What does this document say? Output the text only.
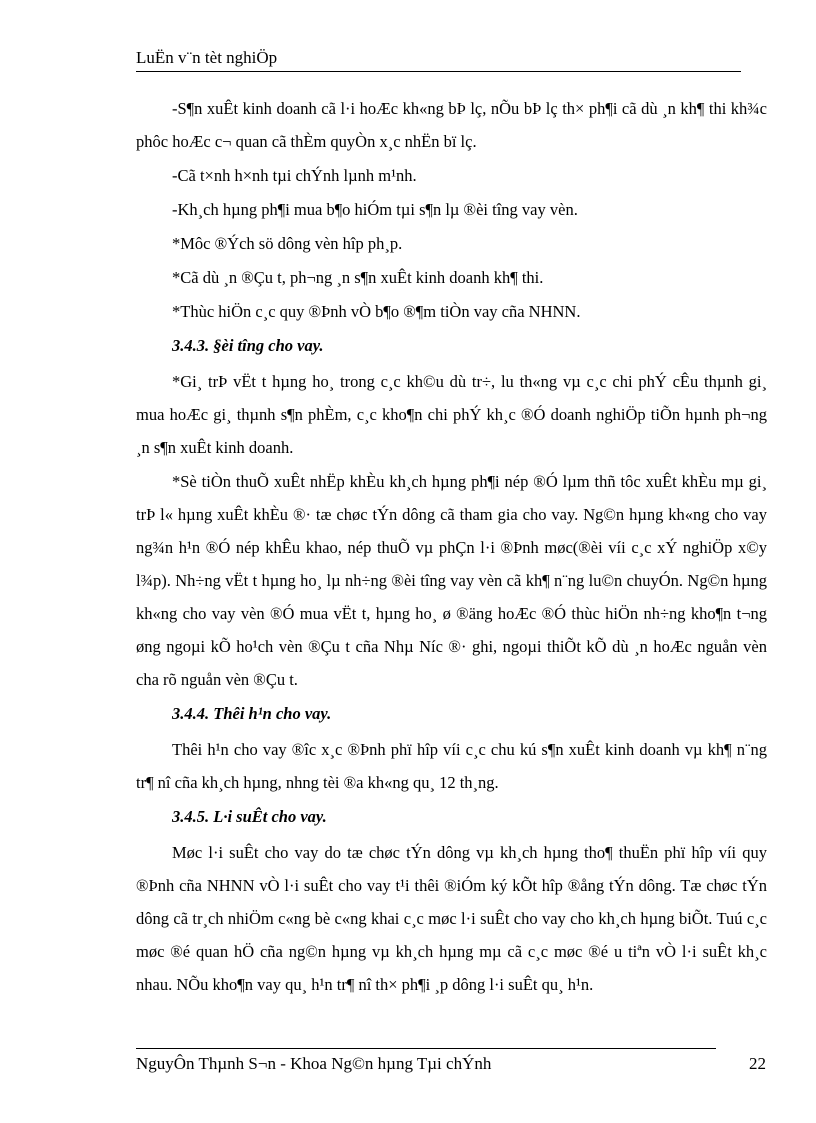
LuËn v¨n tèt nghiÖp

-S¶n xuÊt kinh doanh cã l·i hoÆc kh«ng bÞ lç, nÕu bÞ lç th× ph¶i cã dù ¸n kh¶ thi kh¾c phôc hoÆc c¬ quan cã thÈm quyÒn x¸c nhËn bï lç.

-Cã t×nh h×nh tµi chÝnh lµnh m¹nh.

-Kh¸ch hµng ph¶i mua b¶o hiÓm tµi s¶n lµ ®èi tîng vay vèn.

*Môc ®Ých sö dông vèn hîp ph¸p.

*Cã dù ¸n ®Çu t, ph¬ng ¸n s¶n xuÊt kinh doanh kh¶ thi.

*Thùc hiÖn c¸c quy ®Þnh vÒ b¶o ®¶m tiÒn vay cña NHNN.

3.4.3. §èi tîng cho vay.

*Gi¸ trÞ vËt t hµng ho¸ trong c¸c kh©u dù tr÷, lu th«ng vµ c¸c chi phÝ cÊu thµnh gi¸ mua hoÆc gi¸ thµnh s¶n phÈm, c¸c kho¶n chi phÝ kh¸c ®Ó doanh nghiÖp tiÕn hµnh ph¬ng ¸n s¶n xuÊt kinh doanh.

*Sè tiÒn thuÕ xuÊt nhËp khÈu kh¸ch hµng ph¶i nép ®Ó lµm thñ tôc xuÊt khÈu mµ gi¸ trÞ l« hµng xuÊt khÈu ®· tæ chøc tÝn dông cã tham gia cho vay. Ng©n hµng kh«ng cho vay ng¾n h¹n ®Ó nép khÊu khao, nép thuÕ vµ phÇn l·i ®Þnh møc(®èi víi c¸c xÝ nghiÖp x©y l¾p). Nh÷ng vËt t hµng ho¸ lµ nh÷ng ®èi tîng vay vèn cã kh¶ n¨ng lu©n chuyÓn. Ng©n hµng kh«ng cho vay vèn ®Ó mua vËt t, hµng ho¸ ø ®äng hoÆc ®Ó thùc hiÖn nh÷ng kho¶n t¬ng øng ngoµi kÕ ho¹ch vèn ®Çu t cña Nhµ Níc ®· ghi, ngoµi thiÕt kÕ dù ¸n hoÆc nguån vèn cha rõ nguån vèn ®Çu t.

3.4.4. Thêi h¹n cho vay.

Thêi h¹n cho vay ®îc x¸c ®Þnh phï hîp víi c¸c chu kú s¶n xuÊt kinh doanh vµ kh¶ n¨ng tr¶ nî cña kh¸ch hµng, nhng tèi ®a kh«ng qu¸ 12 th¸ng.

3.4.5. L·i suÊt cho vay.

Møc l·i suÊt cho vay do tæ chøc tÝn dông vµ kh¸ch hµng tho¶ thuËn phï hîp víi quy ®Þnh cña NHNN vÒ l·i suÊt cho vay t¹i thêi ®iÓm ký kÕt hîp ®ång tÝn dông. Tæ chøc tÝn dông cã tr¸ch nhiÖm c«ng bè c«ng khai c¸c møc l·i suÊt cho vay cho kh¸ch hµng biÕt. Tuú c¸c møc ®é quan hÖ cña ng©n hµng vµ kh¸ch hµng mµ cã c¸c møc ®é u tiªn vÒ l·i suÊt kh¸c nhau. NÕu kho¶n vay qu¸ h¹n tr¶ nî th× ph¶i ¸p dông l·i suÊt qu¸ h¹n.

NguyÔn Thµnh S¬n - Khoa Ng©n hµng Tµi chÝnh	22
